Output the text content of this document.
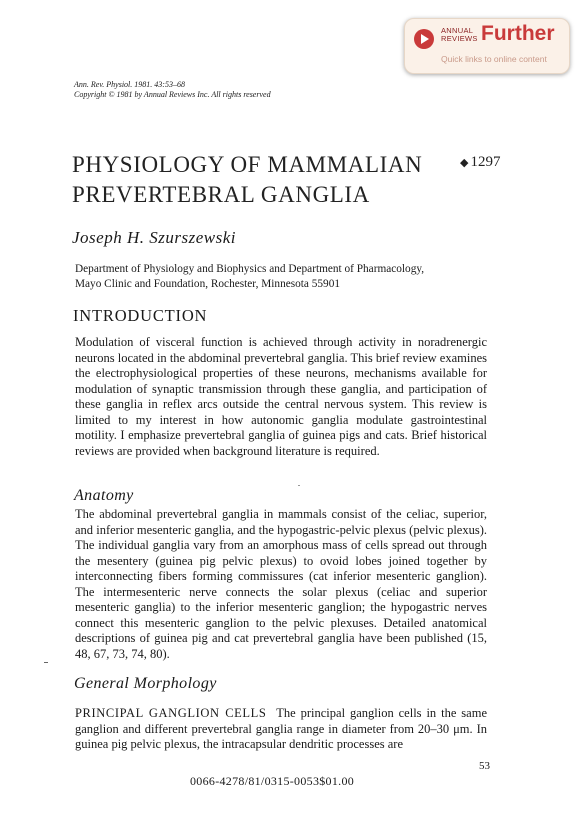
ANNUAL
REVIEWS Further
Quick links to online content
Ann. Rev. Physiol. 1981. 43:53–68
Copyright © 1981 by Annual Reviews Inc. All rights reserved
PHYSIOLOGY OF MAMMALIAN
PREVERTEBRAL GANGLIA
◆ 1297
Joseph H. Szurszewski
Department of Physiology and Biophysics and Department of Pharmacology,
Mayo Clinic and Foundation, Rochester, Minnesota 55901
INTRODUCTION

Modulation of visceral function is achieved through activity in noradrenergic neurons located in the abdominal prevertebral ganglia. This brief review examines the electrophysiological properties of these neurons, mechanisms available for modulation of synaptic transmission through these ganglia, and participation of these ganglia in reflex arcs outside the central nervous system. This review is limited to my interest in how autonomic ganglia modulate gastrointestinal motility. I emphasize prevertebral ganglia of guinea pigs and cats. Brief historical reviews are provided when background literature is required.

Anatomy

The abdominal prevertebral ganglia in mammals consist of the celiac, superior, and inferior mesenteric ganglia, and the hypogastric-pelvic plexus (pelvic plexus). The individual ganglia vary from an amorphous mass of cells spread out through the mesentery (guinea pig pelvic plexus) to ovoid lobes joined together by interconnecting fibers forming commissures (cat inferior mesenteric ganglion). The intermesenteric nerve connects the solar plexus (celiac and superior mesenteric ganglia) to the inferior mesenteric ganglion; the hypogastric nerves connect this mesenteric ganglion to the pelvic plexuses. Detailed anatomical descriptions of guinea pig and cat prevertebral ganglia have been published (15, 48, 67, 73, 74, 80).

General Morphology

PRINCIPAL GANGLION CELLS The principal ganglion cells in the same ganglion and different prevertebral ganglia range in diameter from 20–30 μm. In guinea pig pelvic plexus, the intracapsular dendritic processes are

53
0066-4278/81/0315-0053$01.00
